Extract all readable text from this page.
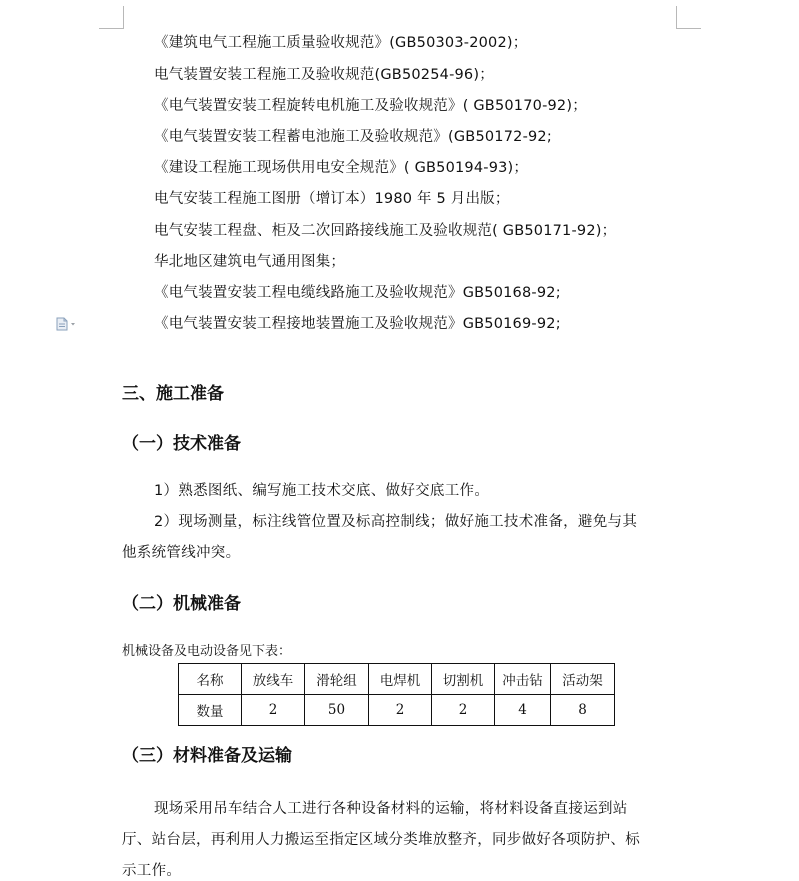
《建筑电气工程施工质量验收规范》(GB50303-2002)；
电气装置安装工程施工及验收规范(GB50254-96)；
《电气装置安装工程旋转电机施工及验收规范》( GB50170-92)；
《电气装置安装工程蓄电池施工及验收规范》(GB50172-92;
《建设工程施工现场供用电安全规范》( GB50194-93)；
电气安装工程施工图册（增订本）1980 年 5 月出版；
电气安装工程盘、柜及二次回路接线施工及验收规范( GB50171-92)；
华北地区建筑电气通用图集；
《电气装置安装工程电缆线路施工及验收规范》GB50168-92;
《电气装置安装工程接地装置施工及验收规范》GB50169-92;
三、施工准备
（一）技术准备
1）熟悉图纸、编写施工技术交底、做好交底工作。
2）现场测量，标注线管位置及标高控制线；做好施工技术准备，避免与其
他系统管线冲突。
（二）机械准备
机械设备及电动设备见下表：
名称	放线车	滑轮组	电焊机	切割机	冲击钻	活动架
数量	2	50	2	2	4	8
（三）材料准备及运输
现场采用吊车结合人工进行各种设备材料的运输，将材料设备直接运到站
厅、站台层，再利用人力搬运至指定区域分类堆放整齐，同步做好各项防护、标
示工作。
